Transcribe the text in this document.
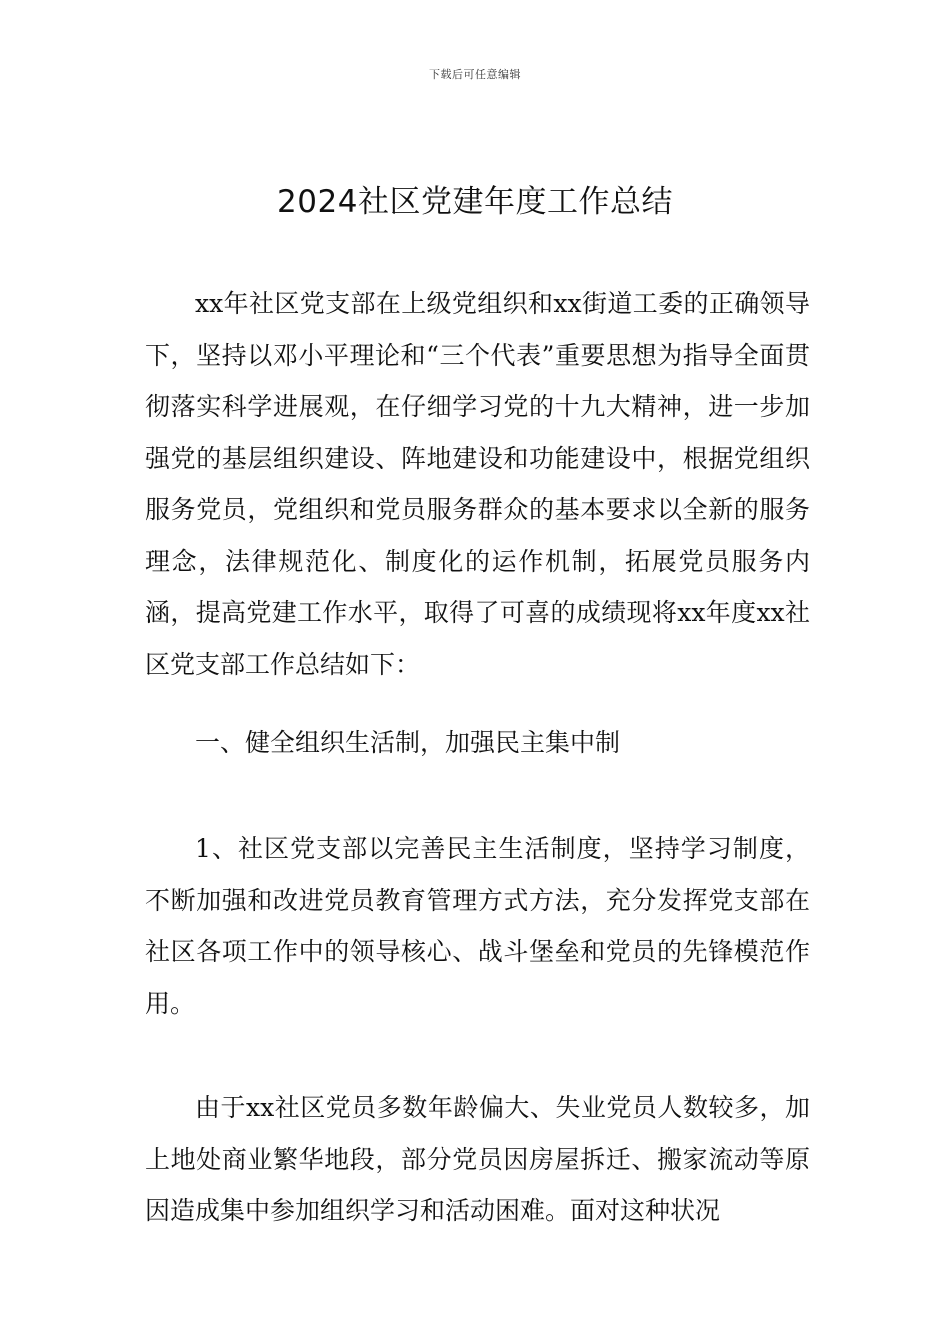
下载后可任意编辑
2024社区党建年度工作总结

xx年社区党支部在上级党组织和xx街道工委的正确领导下，坚持以邓小平理论和“三个代表”重要思想为指导全面贯彻落实科学进展观，在仔细学习党的十九大精神，进一步加强党的基层组织建设、阵地建设和功能建设中，根据党组织服务党员，党组织和党员服务群众的基本要求以全新的服务理念，法律规范化、制度化的运作机制，拓展党员服务内涵，提高党建工作水平，取得了可喜的成绩现将xx年度xx社区党支部工作总结如下：

一、健全组织生活制，加强民主集中制

1、社区党支部以完善民主生活制度，坚持学习制度，不断加强和改进党员教育管理方式方法，充分发挥党支部在社区各项工作中的领导核心、战斗堡垒和党员的先锋模范作用。

由于xx社区党员多数年龄偏大、失业党员人数较多，加上地处商业繁华地段，部分党员因房屋拆迁、搬家流动等原因造成集中参加组织学习和活动困难。面对这种状况
